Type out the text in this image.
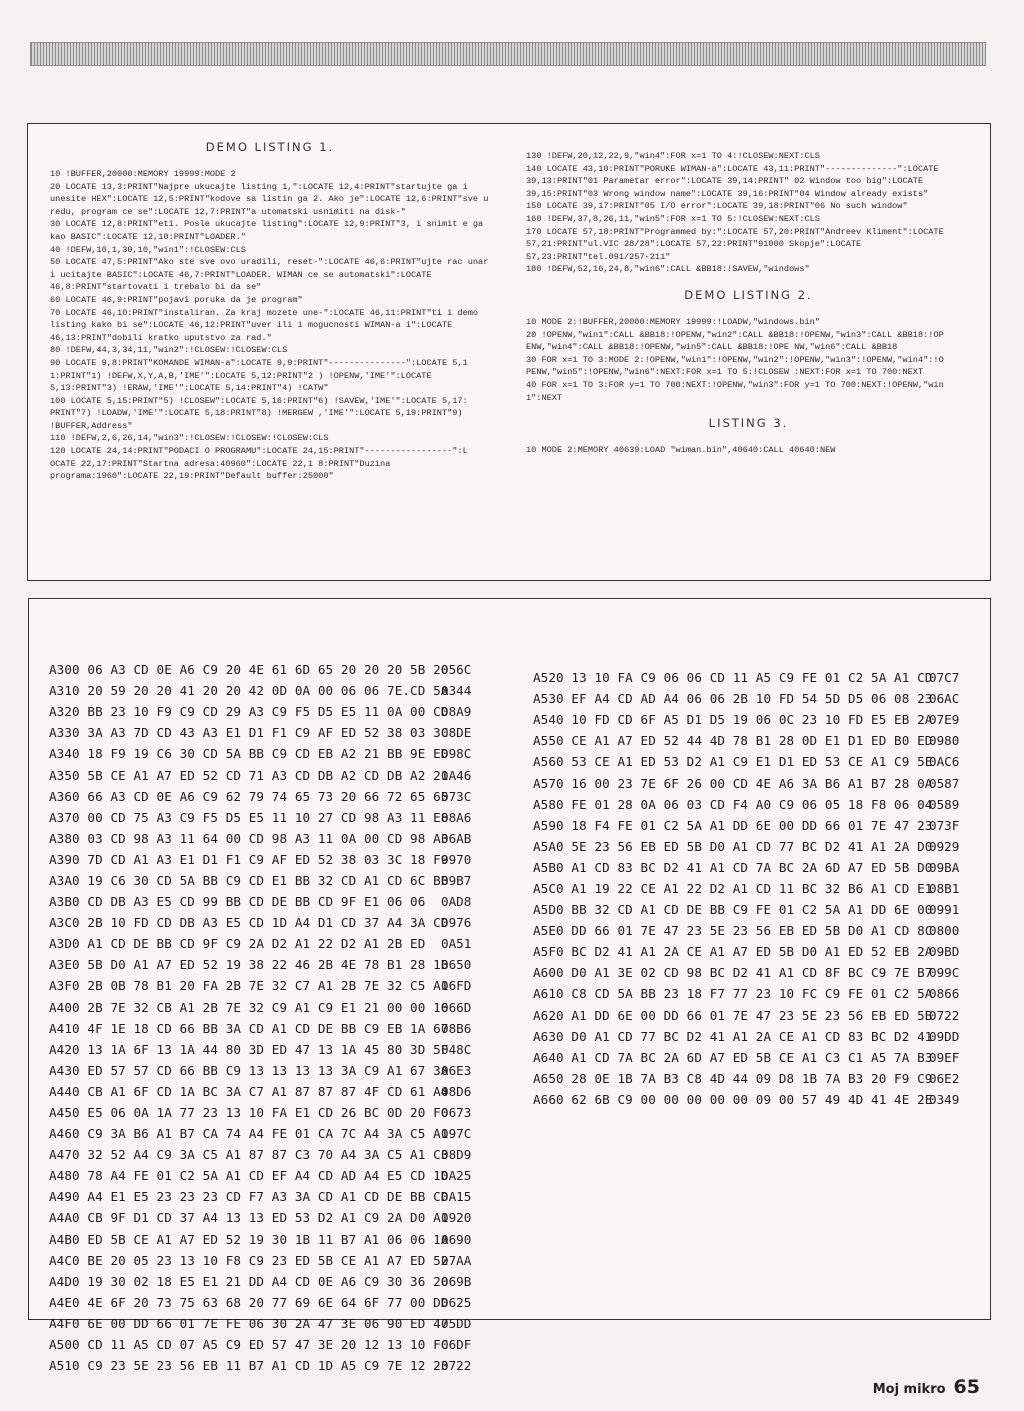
DEMO LISTING 1.

10 !BUFFER,20000:MEMORY 19999:MODE 2

20 LOCATE 13,3:PRINT"Najpre ukucajte listing 1,":LOCATE 12,4:PRINT"startujte ga i unesite HEX":LOCATE 12,5:PRINT"kodove sa listin ga 2. Ako je":LOCATE 12,6:PRINT"sve u redu, program ce se":LOCATE 12,7:PRINT"a utomatski usnimiti na disk-"

30 LOCATE 12,8:PRINT"eti. Posle ukucajte listing":LOCATE 12,9:PRINT"3, i snimit e ga kao BASIC":LOCATE 12,10:PRINT"LOADER."

40 !DEFW,10,1,30,10,"win1":!CLOSEW:CLS

50 LOCATE 47,5:PRINT"Ako ste sve ovo uradili, reset-":LOCATE 46,6:PRINT"ujte rac unar i ucitajte BASIC":LOCATE 46,7:PRINT"LOADER. WIMAN ce se automatski":LOCATE 46,8:PRINT"startovati i trebalo bi da se"

60 LOCATE 46,9:PRINT"pojavi poruka da je program"

70 LOCATE 46,10:PRINT"instaliran. Za kraj mozete une-":LOCATE 46,11:PRINT"ti i demo listing kako bi se":LOCATE 46,12:PRINT"uver ili i mogucnosti WIMAN-a i":LOCATE 46,13:PRINT"dobili kratko uputstvo za rad."

80 !DEFW,44,3,34,11,"win2":!CLOSEW:!CLOSEW:CLS

90 LOCATE 9,8:PRINT"KOMANDE WIMAN-a":LOCATE 9,9:PRINT"---------------":LOCATE 5,1 1:PRINT"1) !DEFW,X,Y,A,B,'IME'":LOCATE 5,12:PRINT"2 ) !OPENW,'IME'":LOCATE 5,13:PRINT"3) !ERAW,'IME'":LOCATE 5,14:PRINT"4) !CATW"

100 LOCATE 5,15:PRINT"5) !CLOSEW":LOCATE 5,16:PRINT"6) !SAVEW,'IME'":LOCATE 5,17: PRINT"7) !LOADW,'IME'":LOCATE 5,18:PRINT"8) !MERGEW ,'IME'":LOCATE 5,19:PRINT"9) !BUFFER,Address"

110 !DEFW,2,6,26,14,"win3":!CLOSEW:!CLOSEW:!CLOSEW:CLS

120 LOCATE 24,14:PRINT"PODACI O PROGRAMU":LOCATE 24,15:PRINT"-----------------":L OCATE 22,17:PRINT"Startna adresa:40960":LOCATE 22,1 8:PRINT"Duzina programa:1960":LOCATE 22,19:PRINT"Default buffer:25000"

130 !DEFW,20,12,22,9,"win4":FOR x=1 TO 4:!CLOSEW:NEXT:CLS

140 LOCATE 43,10:PRINT"PORUKE WIMAN-a":LOCATE 43,11:PRINT"--------------":LOCATE 39,13:PRINT"01 Parametar error":LOCATE 39,14:PRINT" 02 Window too big":LOCATE 39,15:PRINT"03 Wrong window name":LOCATE 39,16:PRINT"04 Window already exists"

150 LOCATE 39,17:PRINT"05 I/O error":LOCATE 39,18:PRINT"06 No such window"

160 !DEFW,37,8,26,11,"win5":FOR x=1 TO 5:!CLOSEW:NEXT:CLS

170 LOCATE 57,18:PRINT"Programmed by:":LOCATE 57,20:PRINT"Andreev Kliment":LOCATE 57,21:PRINT"ul.VIC 28/28":LOCATE 57,22:PRINT"91000 Skopje":LOCATE 57,23:PRINT"tel.091/257-211"

180 !DEFW,52,16,24,8,"win6":CALL &BB18:!SAVEW,"windows"

DEMO LISTING 2.

10 MODE 2:!BUFFER,20000:MEMORY 19999:!LOADW,"windows.bin"

20 !OPENW,"win1":CALL &BB18:!OPENW,"win2":CALL &BB18:!OPENW,"win3":CALL &BB18:!OP ENW,"win4":CALL &BB18:!OPENW,"win5":CALL &BB18:!OPE NW,"win6":CALL &BB18

30 FOR x=1 TO 3:MODE 2:!OPENW,"win1":!OPENW,"win2":!OPENW,"win3":!OPENW,"win4":!O PENW,"win5":!OPENW,"win6":NEXT:FOR x=1 TO 5:!CLOSEW :NEXT:FOR x=1 TO 700:NEXT

40 FOR x=1 TO 3:FOR y=1 TO 700:NEXT:!OPENW,"win3":FOR y=1 TO 700:NEXT:!OPENW,"win 1":NEXT

LISTING 3.

10 MODE 2:MEMORY 40639:LOAD "wiman.bin",40640:CALL 40640:NEW

A300 06 A3 CD 0E A6 C9 20 4E 61 6D 65 20 20 20 5B 20
056C
A310 20 59 20 20 41 20 20 42 0D 0A 00 06 06 7E.CD 5A
0344
A320 BB 23 10 F9 C9 CD 29 A3 C9 F5 D5 E5 11 0A 00 CD
08A9
A330 3A A3 7D CD 43 A3 E1 D1 F1 C9 AF ED 52 38 03 3C
08DE
A340 18 F9 19 C6 30 CD 5A BB C9 CD EB A2 21 BB 9E ED
098C
A350 5B CE A1 A7 ED 52 CD 71 A3 CD DB A2 CD DB A2 21
0A46
A360 66 A3 CD 0E A6 C9 62 79 74 65 73 20 66 72 65 65
073C
A370 00 CD 75 A3 C9 F5 D5 E5 11 10 27 CD 98 A3 11 E8
08A6
A380 03 CD 98 A3 11 64 00 CD 98 A3 11 0A 00 CD 98 A3
06AB
A390 7D CD A1 A3 E1 D1 F1 C9 AF ED 52 38 03 3C 18 F9
0970
A3A0 19 C6 30 CD 5A BB C9 CD E1 BB 32 CD A1 CD 6C BB
09B7
A3B0 CD DB A3 E5 CD 99 BB CD DE BB CD 9F E1 06 06 0AD8
A3C0 2B 10 FD CD DB A3 E5 CD 1D A4 D1 CD 37 A4 3A CD
0976
A3D0 A1 CD DE BB CD 9F C9 2A D2 A1 22 D2 A1 2B ED 0A51
A3E0 5B D0 A1 A7 ED 52 19 38 22 46 2B 4E 78 B1 28 1B
0650
A3F0 2B 0B 78 B1 20 FA 2B 7E 32 C7 A1 2B 7E 32 C5 A1
06FD
A400 2B 7E 32 CB A1 2B 7E 32 C9 A1 C9 E1 21 00 00 16
066D
A410 4F 1E 18 CD 66 BB 3A CD A1 CD DE BB C9 EB 1A 67
08B6
A420 13 1A 6F 13 1A 44 80 3D ED 47 13 1A 45 80 3D 5F
048C
A430 ED 57 57 CD 66 BB C9 13 13 13 13 3A C9 A1 67 3A
06E3
A440 CB A1 6F CD 1A BC 3A C7 A1 87 87 87 4F CD 61 A4
08D6
A450 E5 06 0A 1A 77 23 13 10 FA E1 CD 26 BC 0D 20 F0
0673
A460 C9 3A B6 A1 B7 CA 74 A4 FE 01 CA 7C A4 3A C5 A1
097C
A470 32 52 A4 C9 3A C5 A1 87 87 C3 70 A4 3A C5 A1 C3
08D9
A480 78 A4 FE 01 C2 5A A1 CD EF A4 CD AD A4 E5 CD 1D
0A25
A490 A4 E1 E5 23 23 23 CD F7 A3 3A CD A1 CD DE BB CD
0A15
A4A0 CB 9F D1 CD 37 A4 13 13 ED 53 D2 A1 C9 2A D0 A1
0920
A4B0 ED 5B CE A1 A7 ED 52 19 30 1B 11 B7 A1 06 06 1A
0690
A4C0 BE 20 05 23 13 10 F8 C9 23 ED 5B CE A1 A7 ED 52
07AA
A4D0 19 30 02 18 E5 E1 21 DD A4 CD 0E A6 C9 30 36 20
069B
A4E0 4E 6F 20 73 75 63 68 20 77 69 6E 64 6F 77 00 DD
0625
A4F0 6E 00 DD 66 01 7E FE 06 30 2A 47 3E 06 90 ED 47
05DD
A500 CD 11 A5 CD 07 A5 C9 ED 57 47 3E 20 12 13 10 FC
06DF
A510 C9 23 5E 23 56 EB 11 B7 A1 CD 1D A5 C9 7E 12 23
0722
A520 13 10 FA C9 06 06 CD 11 A5 C9 FE 01 C2 5A A1 CD
07C7
A530 EF A4 CD AD A4 06 06 2B 10 FD 54 5D D5 06 08 23
06AC
A540 10 FD CD 6F A5 D1 D5 19 06 0C 23 10 FD E5 EB 2A
07E9
A550 CE A1 A7 ED 52 44 4D 78 B1 28 0D E1 D1 ED B0 ED
0980
A560 53 CE A1 ED 53 D2 A1 C9 E1 D1 ED 53 CE A1 C9 5E
0AC6
A570 16 00 23 7E 6F 26 00 CD 4E A6 3A B6 A1 B7 28 0A
0587
A580 FE 01 28 0A 06 03 CD F4 A0 C9 06 05 18 F8 06 04
0589
A590 18 F4 FE 01 C2 5A A1 DD 6E 00 DD 66 01 7E 47 23
073F
A5A0 5E 23 56 EB ED 5B D0 A1 CD 77 BC D2 41 A1 2A D0
0929
A5B0 A1 CD 83 BC D2 41 A1 CD 7A BC 2A 6D A7 ED 5B D0
09BA
A5C0 A1 19 22 CE A1 22 D2 A1 CD 11 BC 32 B6 A1 CD E1
08B1
A5D0 BB 32 CD A1 CD DE BB C9 FE 01 C2 5A A1 DD 6E 00
0991
A5E0 DD 66 01 7E 47 23 5E 23 56 EB ED 5B D0 A1 CD 8C
0800
A5F0 BC D2 41 A1 2A CE A1 A7 ED 5B D0 A1 ED 52 EB 2A
09BD
A600 D0 A1 3E 02 CD 98 BC D2 41 A1 CD 8F BC C9 7E B7
099C
A610 C8 CD 5A BB 23 18 F7 77 23 10 FC C9 FE 01 C2 5A
0866
A620 A1 DD 6E 00 DD 66 01 7E 47 23 5E 23 56 EB ED 5B
0722
A630 D0 A1 CD 77 BC D2 41 A1 2A CE A1 CD 83 BC D2 41
09DD
A640 A1 CD 7A BC 2A 6D A7 ED 5B CE A1 C3 C1 A5 7A B3
09EF
A650 28 0E 1B 7A B3 C8 4D 44 09 D8 1B 7A B3 20 F9 C9
06E2
A660 62 6B C9 00 00 00 00 00 09 00 57 49 4D 41 4E 2E
0349
Moj mikro 65
